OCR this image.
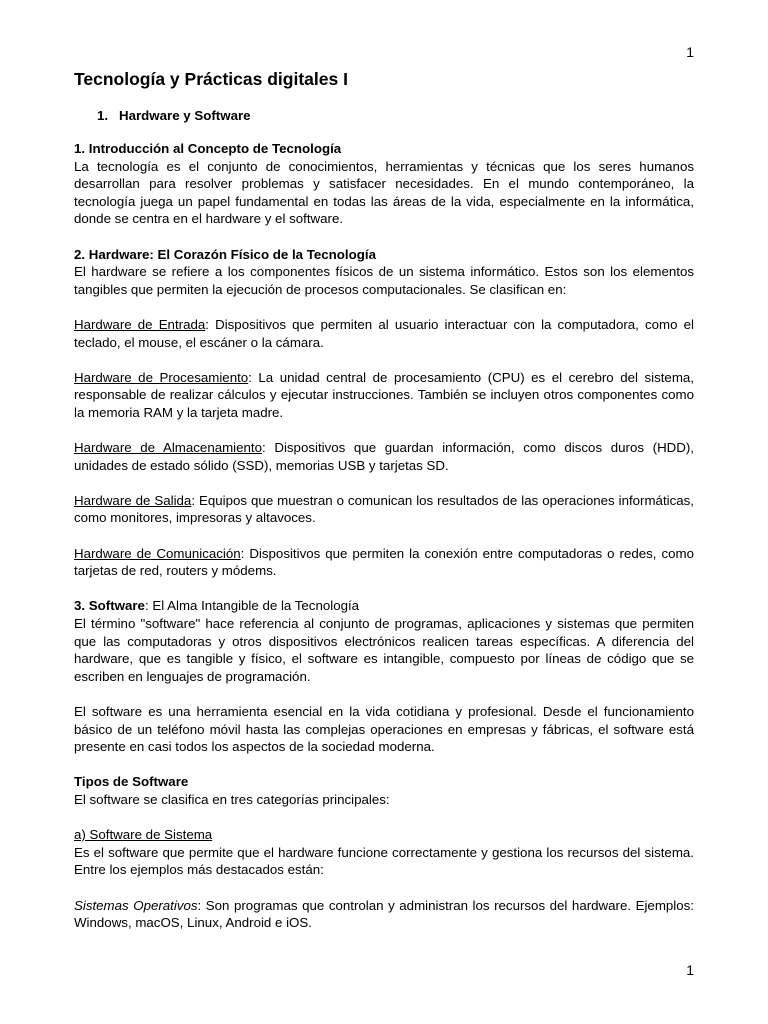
1
Tecnología y Prácticas digitales I
1. Hardware y Software

1. Introducción al Concepto de Tecnología
La tecnología es el conjunto de conocimientos, herramientas y técnicas que los seres humanos desarrollan para resolver problemas y satisfacer necesidades. En el mundo contemporáneo, la tecnología juega un papel fundamental en todas las áreas de la vida, especialmente en la informática, donde se centra en el hardware y el software.

2. Hardware: El Corazón Físico de la Tecnología
El hardware se refiere a los componentes físicos de un sistema informático. Estos son los elementos tangibles que permiten la ejecución de procesos computacionales. Se clasifican en:

Hardware de Entrada: Dispositivos que permiten al usuario interactuar con la computadora, como el teclado, el mouse, el escáner o la cámara.

Hardware de Procesamiento: La unidad central de procesamiento (CPU) es el cerebro del sistema, responsable de realizar cálculos y ejecutar instrucciones. También se incluyen otros componentes como la memoria RAM y la tarjeta madre.

Hardware de Almacenamiento: Dispositivos que guardan información, como discos duros (HDD), unidades de estado sólido (SSD), memorias USB y tarjetas SD.

Hardware de Salida: Equipos que muestran o comunican los resultados de las operaciones informáticas, como monitores, impresoras y altavoces.

Hardware de Comunicación: Dispositivos que permiten la conexión entre computadoras o redes, como tarjetas de red, routers y módems.

3. Software: El Alma Intangible de la Tecnología
El término "software" hace referencia al conjunto de programas, aplicaciones y sistemas que permiten que las computadoras y otros dispositivos electrónicos realicen tareas específicas. A diferencia del hardware, que es tangible y físico, el software es intangible, compuesto por líneas de código que se escriben en lenguajes de programación.

El software es una herramienta esencial en la vida cotidiana y profesional. Desde el funcionamiento básico de un teléfono móvil hasta las complejas operaciones en empresas y fábricas, el software está presente en casi todos los aspectos de la sociedad moderna.

Tipos de Software
El software se clasifica en tres categorías principales:

a) Software de Sistema
Es el software que permite que el hardware funcione correctamente y gestiona los recursos del sistema. Entre los ejemplos más destacados están:

Sistemas Operativos: Son programas que controlan y administran los recursos del hardware. Ejemplos: Windows, macOS, Linux, Android e iOS.

1
